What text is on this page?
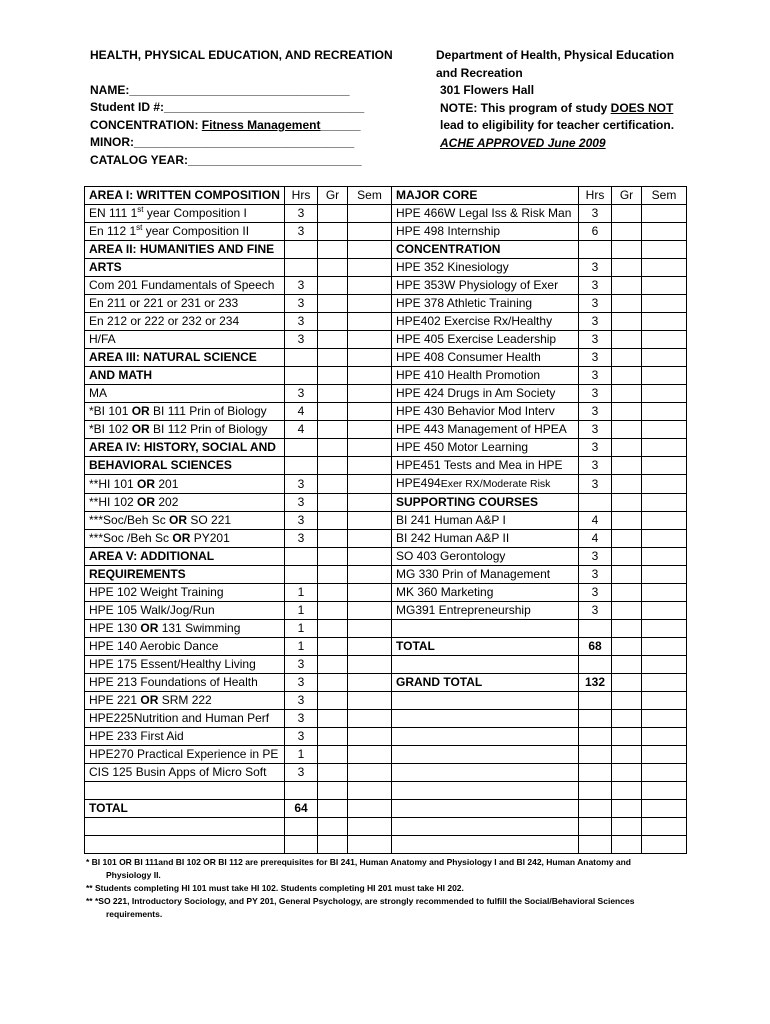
HEALTH, PHYSICAL EDUCATION, AND RECREATION
NAME:_________________________________
Student ID #:______________________________
CONCENTRATION: Fitness Management______
MINOR:_________________________________
CATALOG YEAR:__________________________
Department of Health, Physical Education
and Recreation
301 Flowers Hall
NOTE: This program of study DOES NOT
lead to eligibility for teacher certification.
ACHE APPROVED June 2009
AREA I: WRITTEN COMPOSITION	Hrs	Gr	Sem	MAJOR CORE	Hrs	Gr	Sem
EN 111 1st year Composition I	3			HPE 466W Legal Iss & Risk Man	3		
En 112 1st year Composition II	3			HPE 498 Internship	6		
AREA II: HUMANITIES AND FINE				CONCENTRATION			
ARTS				HPE 352 Kinesiology	3		
Com 201 Fundamentals of Speech	3			HPE 353W Physiology of Exer	3		
En 211 or 221 or 231 or 233	3			HPE 378 Athletic Training	3		
En 212 or 222 or 232 or 234	3			HPE402 Exercise Rx/Healthy	3		
H/FA	3			HPE 405 Exercise Leadership	3		
AREA III: NATURAL SCIENCE				HPE 408 Consumer Health	3		
AND MATH				HPE 410 Health Promotion	3		
MA	3			HPE 424 Drugs in Am Society	3		
*BI 101 OR BI 111 Prin of Biology	4			HPE 430 Behavior Mod Interv	3		
*BI 102 OR BI 112 Prin of Biology	4			HPE 443 Management of HPEA	3		
AREA IV: HISTORY, SOCIAL AND				HPE 450 Motor Learning	3		
BEHAVIORAL SCIENCES				HPE451 Tests and Mea in HPE	3		
**HI 101 OR 201	3			HPE494Exer RX/Moderate Risk	3		
**HI 102 OR 202	3			SUPPORTING COURSES			
***Soc/Beh Sc OR SO 221	3			BI 241 Human A&P I	4		
***Soc /Beh Sc OR PY201	3			BI 242 Human A&P II	4		
AREA V: ADDITIONAL				SO 403 Gerontology	3		
REQUIREMENTS				MG 330 Prin of Management	3		
HPE 102 Weight Training	1			MK 360 Marketing	3		
HPE 105 Walk/Jog/Run	1			MG391 Entrepreneurship	3		
HPE 130 OR 131 Swimming	1						
HPE 140 Aerobic Dance	1			TOTAL	68		
HPE 175 Essent/Healthy Living	3						
HPE 213 Foundations of Health	3			GRAND TOTAL	132		
HPE 221 OR SRM 222	3						
HPE225Nutrition and Human Perf	3						
HPE 233 First Aid	3						
HPE270 Practical Experience in PE	1						
CIS 125 Busin Apps of Micro Soft	3						

TOTAL	64						

* BI 101 OR BI 111and BI 102 OR BI 112 are prerequisites for BI 241, Human Anatomy and Physiology I and BI 242, Human Anatomy and
Physiology II.
** Students completing HI 101 must take HI 102. Students completing HI 201 must take HI 202.
** *SO 221, Introductory Sociology, and PY 201, General Psychology, are strongly recommended to fulfill the Social/Behavioral Sciences
requirements.
